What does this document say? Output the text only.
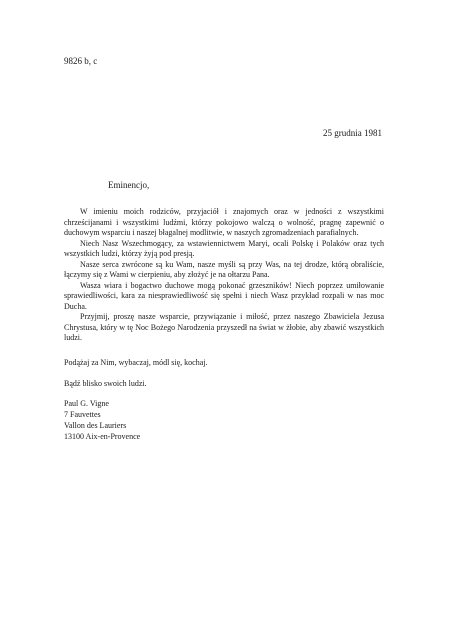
9826 b, c
25 grudnia 1981
Eminencjo,

W imieniu moich rodziców, przyjaciół i znajomych oraz w jedności z wszystkimi chrześcijanami i wszystkimi ludźmi, którzy pokojowo walczą o wolność, pragnę zapewnić o duchowym wsparciu i naszej błagalnej modlitwie, w naszych zgromadzeniach parafialnych.

Niech Nasz Wszechmogący, za wstawiennictwem Maryi, ocali Polskę i Polaków oraz tych wszystkich ludzi, którzy żyją pod presją.

Nasze serca zwrócone są ku Wam, nasze myśli są przy Was, na tej drodze, którą obraliście, łączymy się z Wami w cierpieniu, aby złożyć je na ołtarzu Pana.

Wasza wiara i bogactwo duchowe mogą pokonać grzeszników! Niech poprzez umiłowanie sprawiedliwości, kara za niesprawiedliwość się spełni i niech Wasz przykład rozpali w nas moc Ducha.

Przyjmij, proszę nasze wsparcie, przywiązanie i miłość, przez naszego Zbawiciela Jezusa Chrystusa, który w tę Noc Bożego Narodzenia przyszedł na świat w żłobie, aby zbawić wszystkich ludzi.

Podążaj za Nim, wybaczaj, módl się, kochaj.
Bądź blisko swoich ludzi.
Paul G. Vigne
7 Fauvettes
Vallon des Lauriers
13100 Aix-en-Provence
